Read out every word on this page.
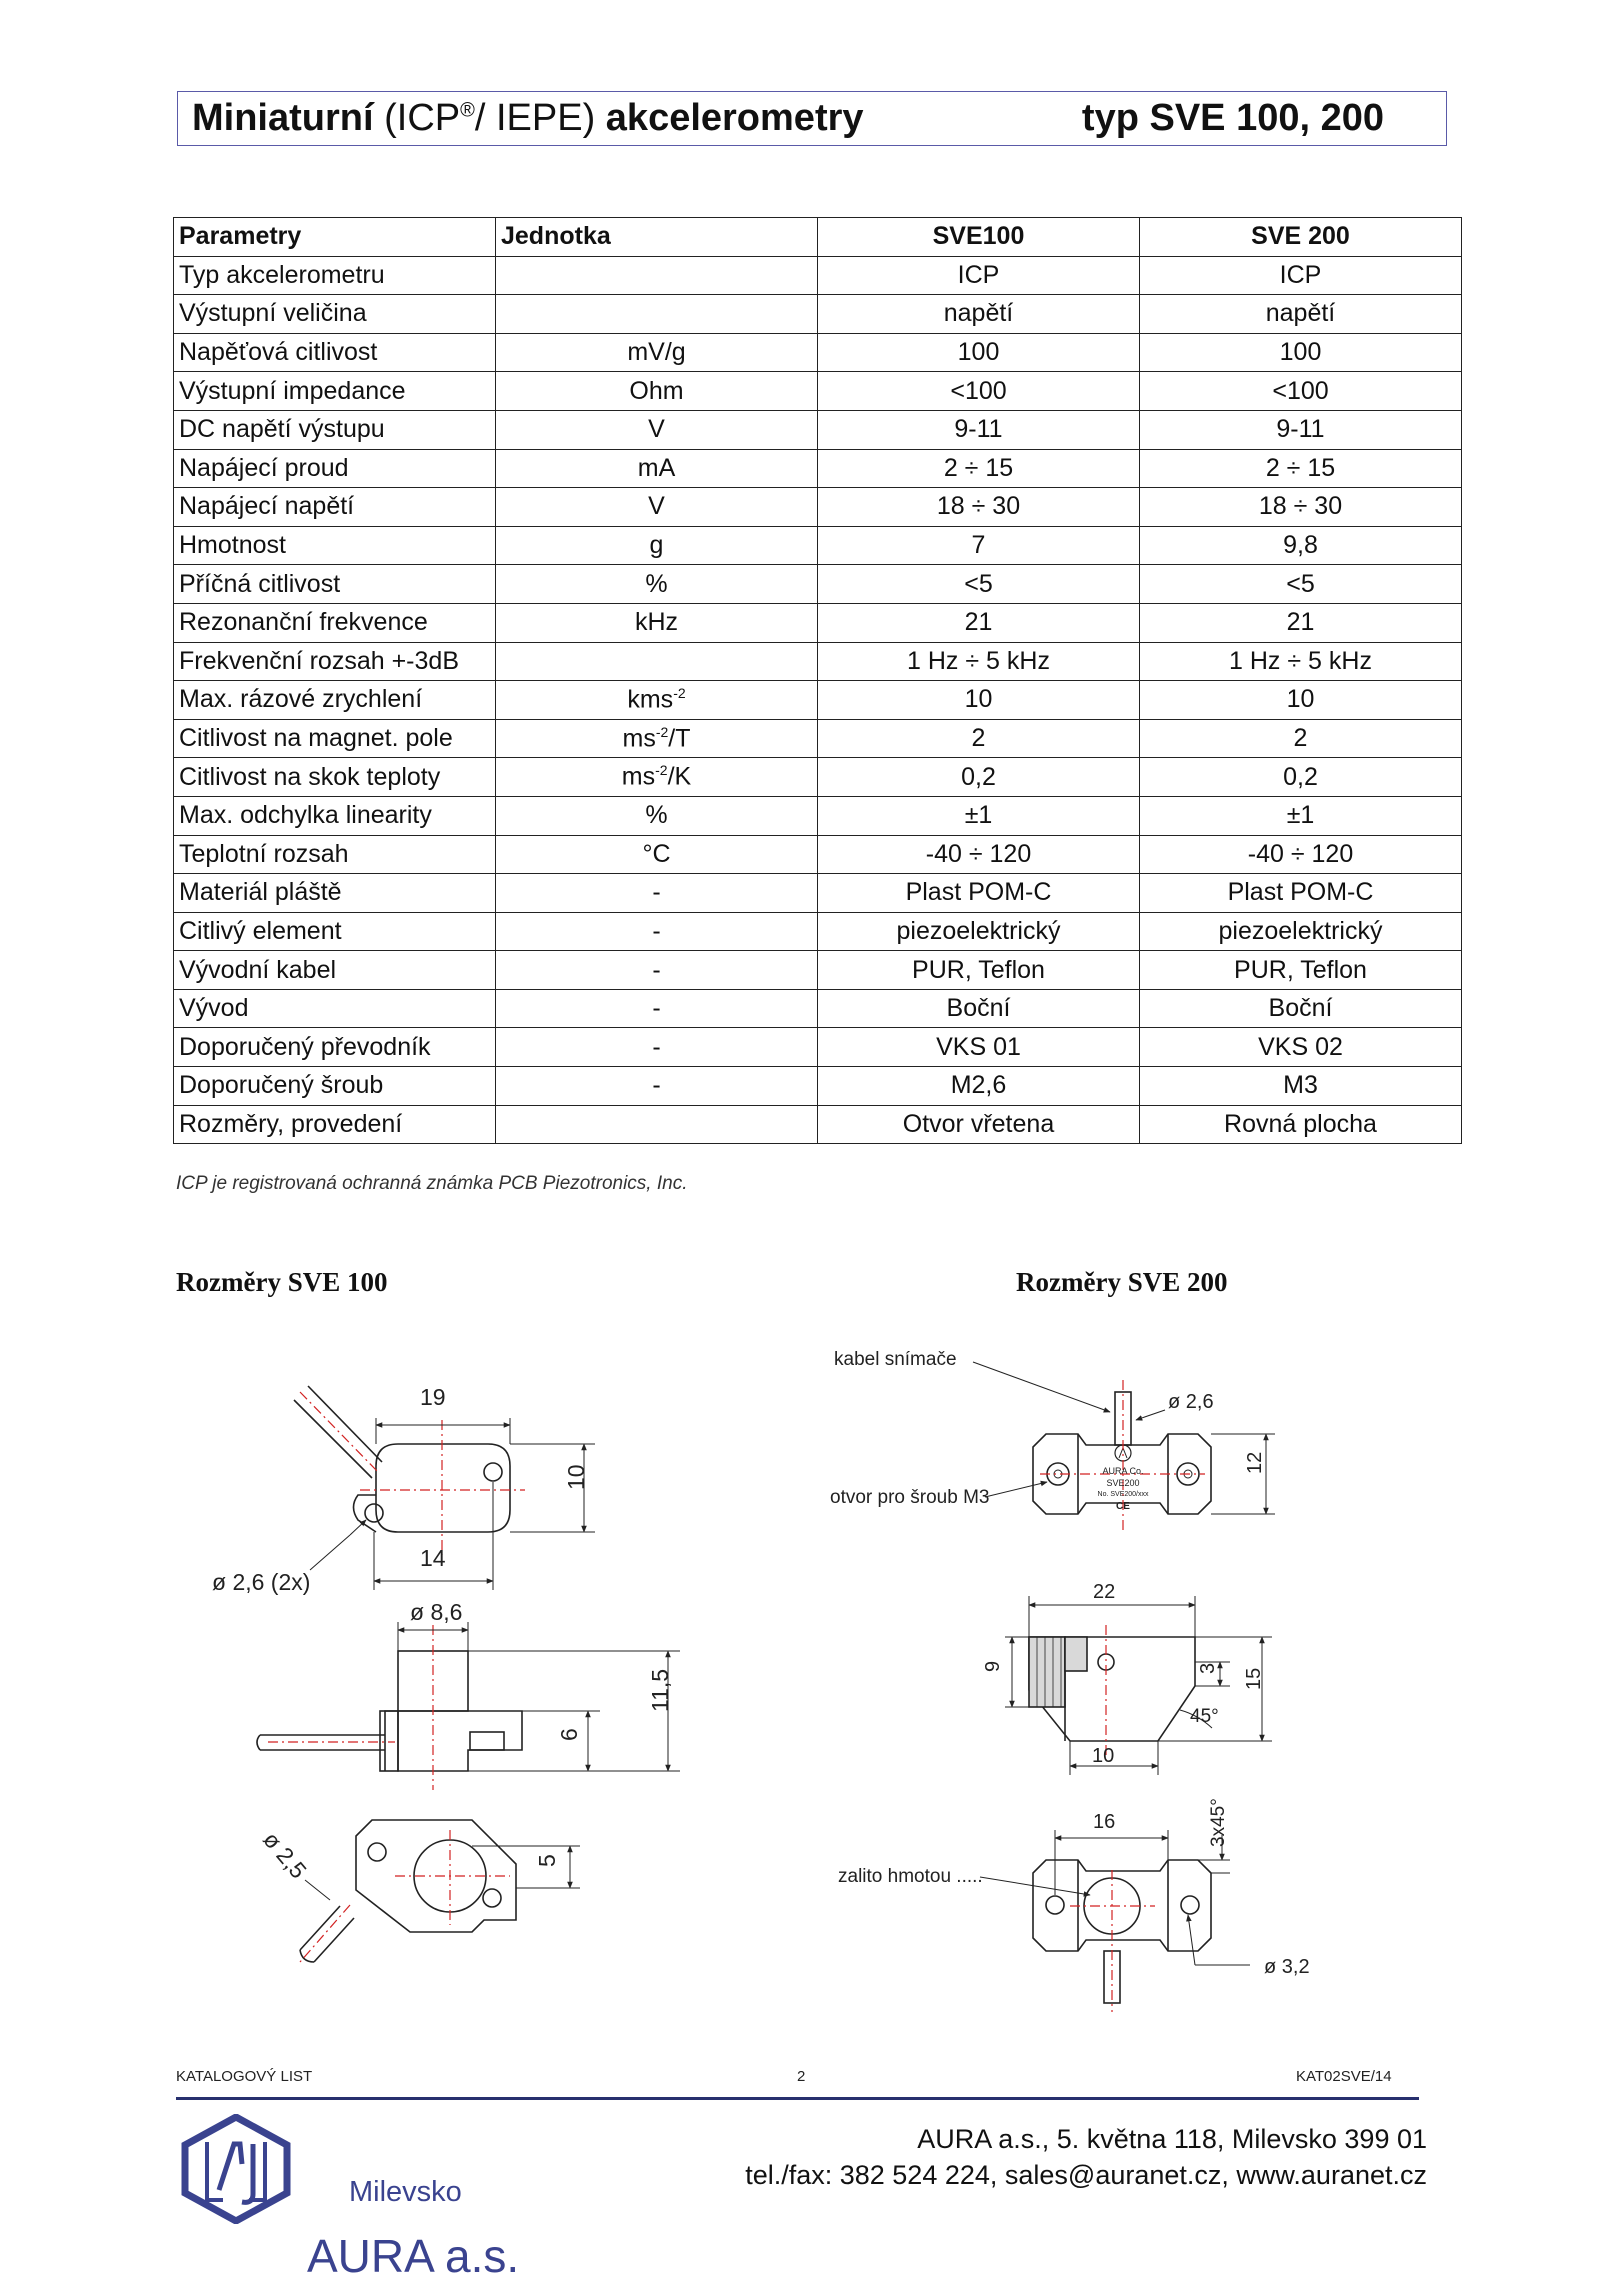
Miniaturní (ICP®/ IEPE) akcelerometry	typ SVE 100, 200
Parametry	Jednotka	SVE100	SVE 200
Typ akcelerometru		ICP	ICP
Výstupní veličina		napětí	napětí
Napěťová citlivost	mV/g	100	100
Výstupní impedance	Ohm	<100	<100
DC napětí výstupu	V	9-11	9-11
Napájecí proud	mA	2 ÷ 15	2 ÷ 15
Napájecí napětí	V	18 ÷ 30	18 ÷ 30
Hmotnost	g	7	9,8
Příčná citlivost	%	<5	<5
Rezonanční frekvence	kHz	21	21
Frekvenční rozsah +-3dB		1 Hz ÷ 5 kHz	1 Hz ÷ 5 kHz
Max. rázové zrychlení	kms$^{-2}$	10	10
Citlivost na magnet. pole	$ms^{-2}/T$	2	2
Citlivost na skok teploty	$ms^{-2}/K$	0,2	0,2
Max. odchylka linearity	%	±1	±1
Teplotní rozsah	°C	-40 ÷ 120	-40 ÷ 120
Materiál pláště	-	Plast POM-C	Plast POM-C
Citlivý element	-	piezoelektrický	piezoelektrický
Vývodní kabel	-	PUR, Teflon	PUR, Teflon
Vývod	-	Boční	Boční
Doporučený převodník	-	VKS 01	VKS 02
Doporučený šroub	-	M2,6	M3
Rozměry, provedení		Otvor vřetena	Rovná plocha
ICP je registrovaná ochranná známka PCB Piezotronics, Inc.
Rozměry SVE 100	Rozměry SVE 200
19
10
14
ø 2,6 (2x)
ø 8,6
11,5
6
5
ø 2,5
kabel snímače
ø 2,6
otvor pro šroub M3
12
AURA Co.
SVE200
No. SVE200/xxx
CE
22
9	3 15
45°
10
16	3x45°
zalito hmotou .....
ø 3,2
KATALOGOVÝ LIST	2	KAT02SVE/14
AURA a.s.
Milevsko
AURA a.s., 5. května 118, Milevsko 399 01
tel./fax: 382 524 224, sales@auranet.cz, www.auranet.cz
